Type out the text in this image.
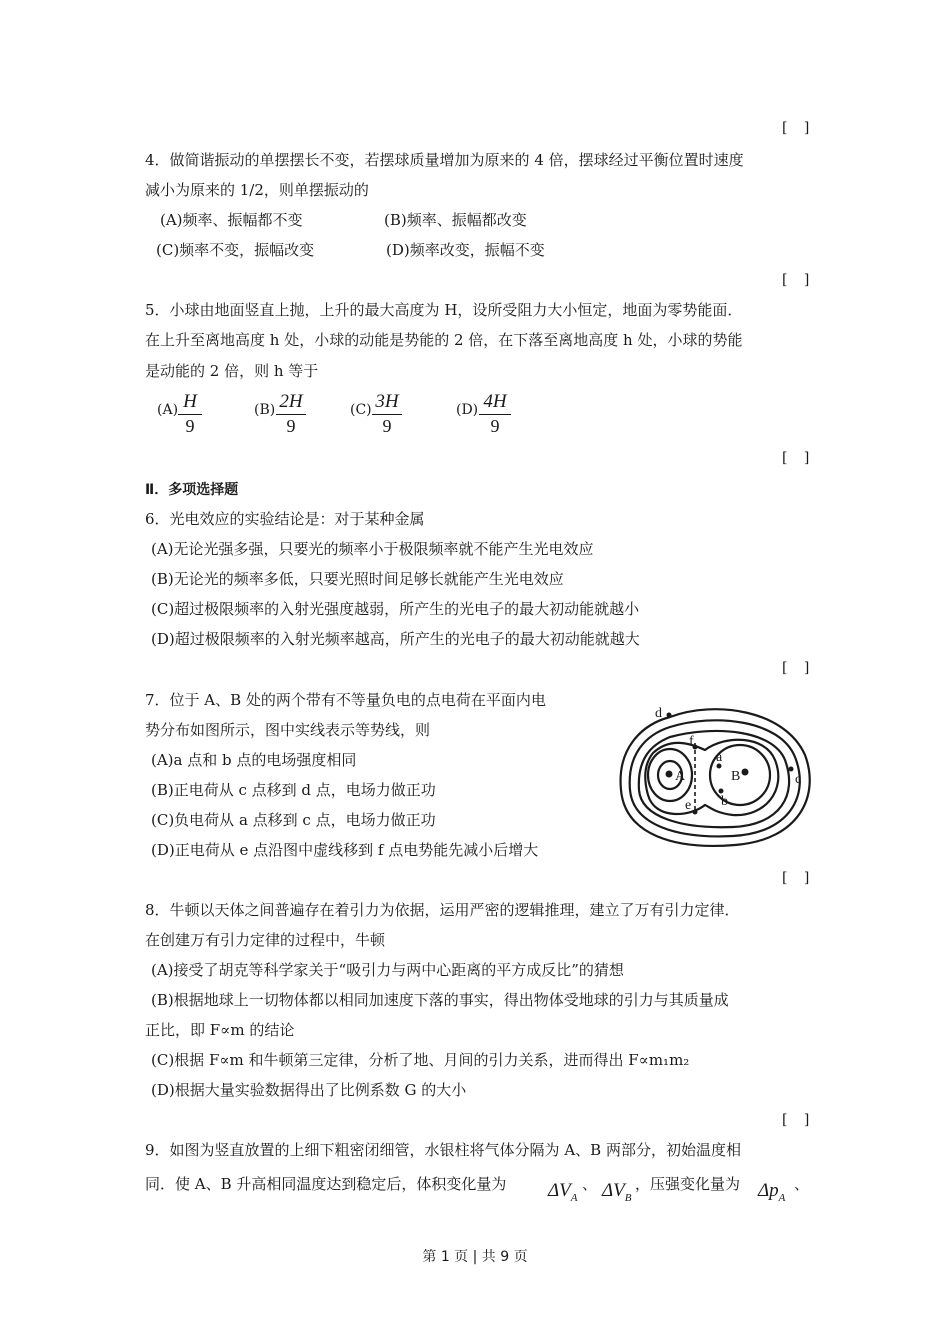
[ ]
4．做简谐振动的单摆摆长不变，若摆球质量增加为原来的 4 倍，摆球经过平衡位置时速度
减小为原来的 1/2，则单摆振动的
(A)频率、振幅都不变	(B)频率、振幅都改变
(C)频率不变，振幅改变	(D)频率改变，振幅不变
[ ]
5．小球由地面竖直上抛，上升的最大高度为 H，设所受阻力大小恒定，地面为零势能面．
在上升至离地高度 h 处，小球的动能是势能的 2 倍，在下落至离地高度 h 处，小球的势能
是动能的 2 倍，则 h 等于
(A) H
9
(B) 2H
9
(C) 3H
9
(D) 4H
9
[ ]
Ⅱ．多项选择题
6．光电效应的实验结论是：对于某种金属
(A)无论光强多强，只要光的频率小于极限频率就不能产生光电效应
(B)无论光的频率多低，只要光照时间足够长就能产生光电效应
(C)超过极限频率的入射光强度越弱，所产生的光电子的最大初动能就越小
(D)超过极限频率的入射光频率越高，所产生的光电子的最大初动能就越大
[ ]
7．位于 A、B 处的两个带有不等量负电的点电荷在平面内电
势分布如图所示，图中实线表示等势线，则
(A)a 点和 b 点的电场强度相同
(B)正电荷从 c 点移到 d 点，电场力做正功
(C)负电荷从 a 点移到 c 点，电场力做正功
(D)正电荷从 e 点沿图中虚线移到 f 点电势能先减小后增大
A	B
a
b
c
d
e
f
[ ]
8．牛顿以天体之间普遍存在着引力为依据，运用严密的逻辑推理，建立了万有引力定律．
在创建万有引力定律的过程中，牛顿
(A)接受了胡克等科学家关于“吸引力与两中心距离的平方成反比”的猜想
(B)根据地球上一切物体都以相同加速度下落的事实，得出物体受地球的引力与其质量成
正比，即 F∝m 的结论
(C)根据 F∝m 和牛顿第三定律，分析了地、月间的引力关系，进而得出 F∝m₁m₂
(D)根据大量实验数据得出了比例系数 G 的大小
[ ]
9．如图为竖直放置的上细下粗密闭细管，水银柱将气体分隔为 A、B 两部分，初始温度相
同．使 A、B 升高相同温度达到稳定后，体积变化量为 $\Delta V_A$
、 $\Delta V_B$
，压强变化量为 $\Delta p_A$
、
第 1 页 | 共 9 页
